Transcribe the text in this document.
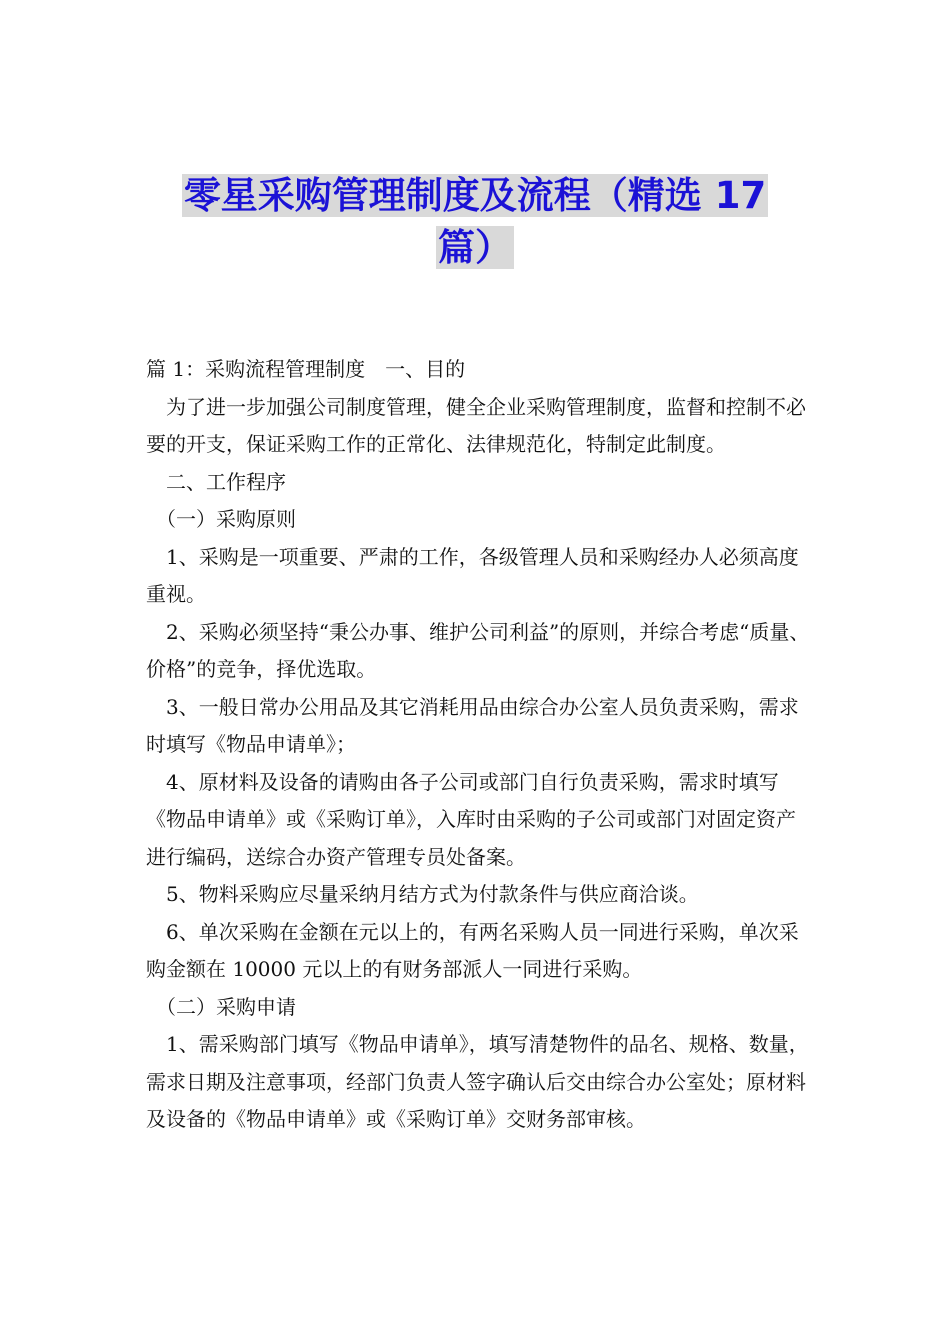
零星采购管理制度及流程（精选 17
篇）

篇 1：采购流程管理制度　一、目的

　为了进一步加强公司制度管理，健全企业采购管理制度，监督和控制不必要的开支，保证采购工作的正常化、法律规范化，特制定此制度。

　二、工作程序

　（一）采购原则

　1、采购是一项重要、严肃的工作，各级管理人员和采购经办人必须高度重视。

　2、采购必须坚持“秉公办事、维护公司利益”的原则，并综合考虑“质量、价格”的竞争，择优选取。

　3、一般日常办公用品及其它消耗用品由综合办公室人员负责采购，需求时填写《物品申请单》；

　4、原材料及设备的请购由各子公司或部门自行负责采购，需求时填写《物品申请单》或《采购订单》，入库时由采购的子公司或部门对固定资产进行编码，送综合办资产管理专员处备案。

　5、物料采购应尽量采纳月结方式为付款条件与供应商洽谈。

　6、单次采购在金额在元以上的，有两名采购人员一同进行采购，单次采购金额在 10000 元以上的有财务部派人一同进行采购。

　（二）采购申请

　1、需采购部门填写《物品申请单》，填写清楚物件的品名、规格、数量，需求日期及注意事项，经部门负责人签字确认后交由综合办公室处；原材料及设备的《物品申请单》或《采购订单》交财务部审核。
